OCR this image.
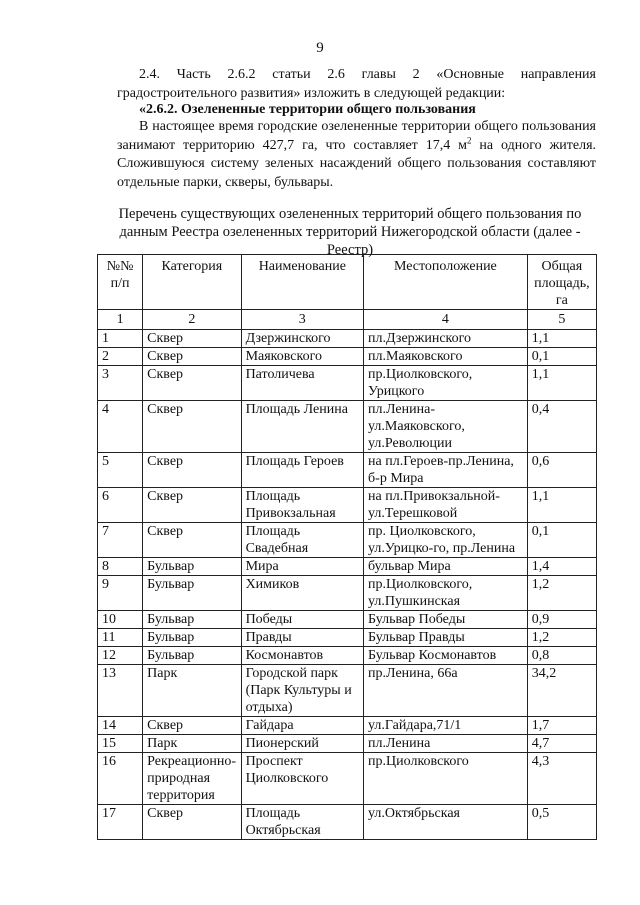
9

2.4. Часть 2.6.2 статьи 2.6 главы 2 «Основные направления градостроительного развития» изложить в следующей редакции:

«2.6.2. Озелененные территории общего пользования

В настоящее время городские озелененные территории общего пользования занимают территорию 427,7 га, что составляет 17,4 $м^2$ на одного жителя. Сложившуюся систему зеленых насаждений общего пользования составляют отдельные парки, скверы, бульвары.

Перечень существующих озелененных территорий общего пользования по данным Реестра озелененных территорий Нижегородской области (далее - Реестр)
№№ п/п	Категория	Наименование	Местоположение	Общая площадь, га
1	2	3	4	5
1	Сквер	Дзержинского	пл.Дзержинского	1,1
2	Сквер	Маяковского	пл.Маяковского	0,1
3	Сквер	Патоличева	пр.Циолковского, Урицкого	1,1
4	Сквер	Площадь Ленина	пл.Ленина-ул.Маяковского, ул.Революции	0,4
5	Сквер	Площадь Героев	на пл.Героев-пр.Ленина, б-р Мира	0,6
6	Сквер	Площадь Привокзальная	на пл.Привокзальной-ул.Терешковой	1,1
7	Сквер	Площадь Свадебная	пр. Циолковского, ул.Урицко-го, пр.Ленина	0,1
8	Бульвар	Мира	бульвар Мира	1,4
9	Бульвар	Химиков	пр.Циолковского, ул.Пушкинская	1,2
10	Бульвар	Победы	Бульвар Победы	0,9
11	Бульвар	Правды	Бульвар Правды	1,2
12	Бульвар	Космонавтов	Бульвар Космонавтов	0,8
13	Парк	Городской парк (Парк Культуры и отдыха)	пр.Ленина, 66а	34,2
14	Сквер	Гайдара	ул.Гайдара,71/1	1,7
15	Парк	Пионерский	пл.Ленина	4,7
16	Рекреационно-природная территория	Проспект Циолковского	пр.Циолковского	4,3
17	Сквер	Площадь Октябрьская	ул.Октябрьская	0,5
